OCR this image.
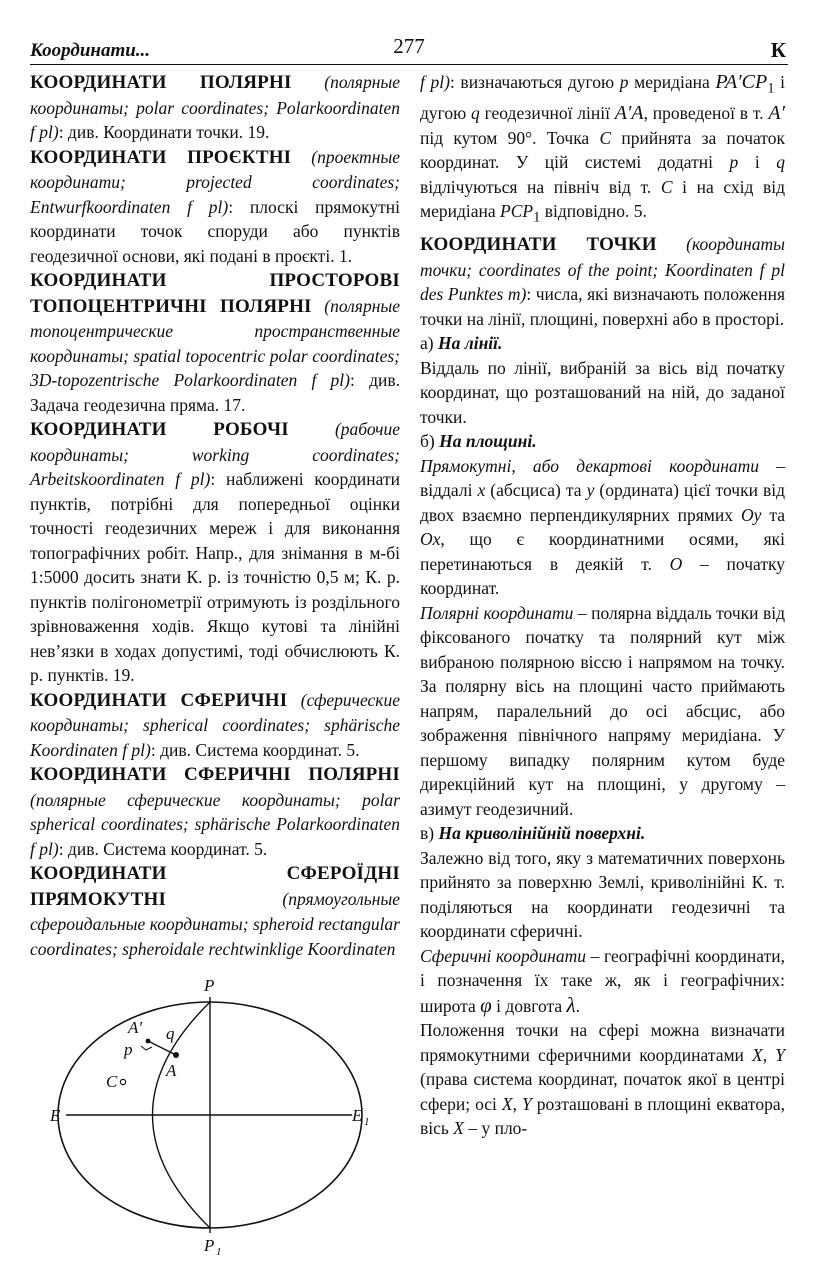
Координати...	277	К

КООРДИНАТИ ПОЛЯРНІ (полярные координаты; polar coordinates; Polarkoordinaten f pl): див. Координати точки. 19.

КООРДИНАТИ ПРОЄКТНІ (проектные координати; projected coordinates; Entwurfkoordinaten f pl): плоскі прямокутні координати точок споруди або пунктів геодезичної основи, які подані в проєкті. 1.

КООРДИНАТИ ПРОСТОРОВІ ТОПОЦЕНТРИЧНІ ПОЛЯРНІ (полярные топоцентрические пространственные координаты; spatial topocentric polar coordinates; 3D-topozentrische Polarkoordinaten f pl): див. Задача геодезична пряма. 17.

КООРДИНАТИ РОБОЧІ	(рабочие координаты; working coordinates; Arbeitskoordinaten f pl): наближені координати пунктів, потрібні для попередньої оцінки точності геодезичних мереж і для виконання топографічних робіт. Напр., для знімання в м-бі 1:5000 досить знати К. р. із точністю 0,5 м; К. р. пунктів полігонометрії отримують із роздільного зрівноваження ходів. Якщо кутові та лінійні нев’язки в ходах допустимі, тоді обчислюють К. р. пунктів. 19.

КООРДИНАТИ СФЕРИЧНІ (сферические координаты; spherical coordinates; sphärische Koordinaten f pl): див. Система координат. 5.

КООРДИНАТИ СФЕРИЧНІ ПОЛЯРНІ (полярные сферические координаты; polar spherical coordinates; sphärische Polarkoordinaten f pl): див. Система координат. 5.

КООРДИНАТИ СФЕРОЇДНІ ПРЯМОКУТНІ	(прямоугольные сфероидальные координаты; spheroid rectangular coordinates; spheroidale rechtwinklige Koordinaten

P
P 1
E	E 1
A′
A
p
q
C

f pl): визначаються дугою p меридіана $PA'CP_1$ і дугою q геодезичної лінії A′A, проведеної в т. A′ під кутом 90°. Точка C прийнята за початок координат. У цій системі додатні p і q відлічуються на північ від т. C і на схід від меридіана $PCP_1$ відповідно. 5.

КООРДИНАТИ ТОЧКИ (координаты точки; coordinates of the point; Koordinaten f pl des Punktes m): числа, які визначають положення точки на лінії, площині, поверхні або в просторі.

а) На лінії.

Віддаль по лінії, вибраній за вісь від початку координат, що розташований на ній, до заданої точки.

б) На площині.

Прямокутні, або декартові координати – віддалі x (абсциса) та y (ордината) цієї точки від двох взаємно перпендикулярних прямих Oy та Ox, що є координатними осями, які перетинаються в деякій т. O – початку координат.

Полярні координати – полярна віддаль точки від фіксованого початку та полярний кут між вибраною полярною віссю і напрямом на точку. За полярну вісь на площині часто приймають напрям, паралельний до осі абсцис, або зображення північного напряму меридіана. У першому випадку полярним кутом буде дирекційний кут на площині, у другому – азимут геодезичний.

в) На криволінійній поверхні.

Залежно від того, яку з математичних поверхонь прийнято за поверхню Землі, криволінійні К. т. поділяються на координати геодезичні та координати сферичні.

Сферичні координати – географічні координати, і позначення їх таке ж, як і географічних: широта φ і довгота λ.

Положення точки на сфері можна визначати прямокутними сферичними координатами X, Y (права система координат, початок якої в центрі сфери; осі X, Y розташовані в площині екватора, вісь X – у пло-
